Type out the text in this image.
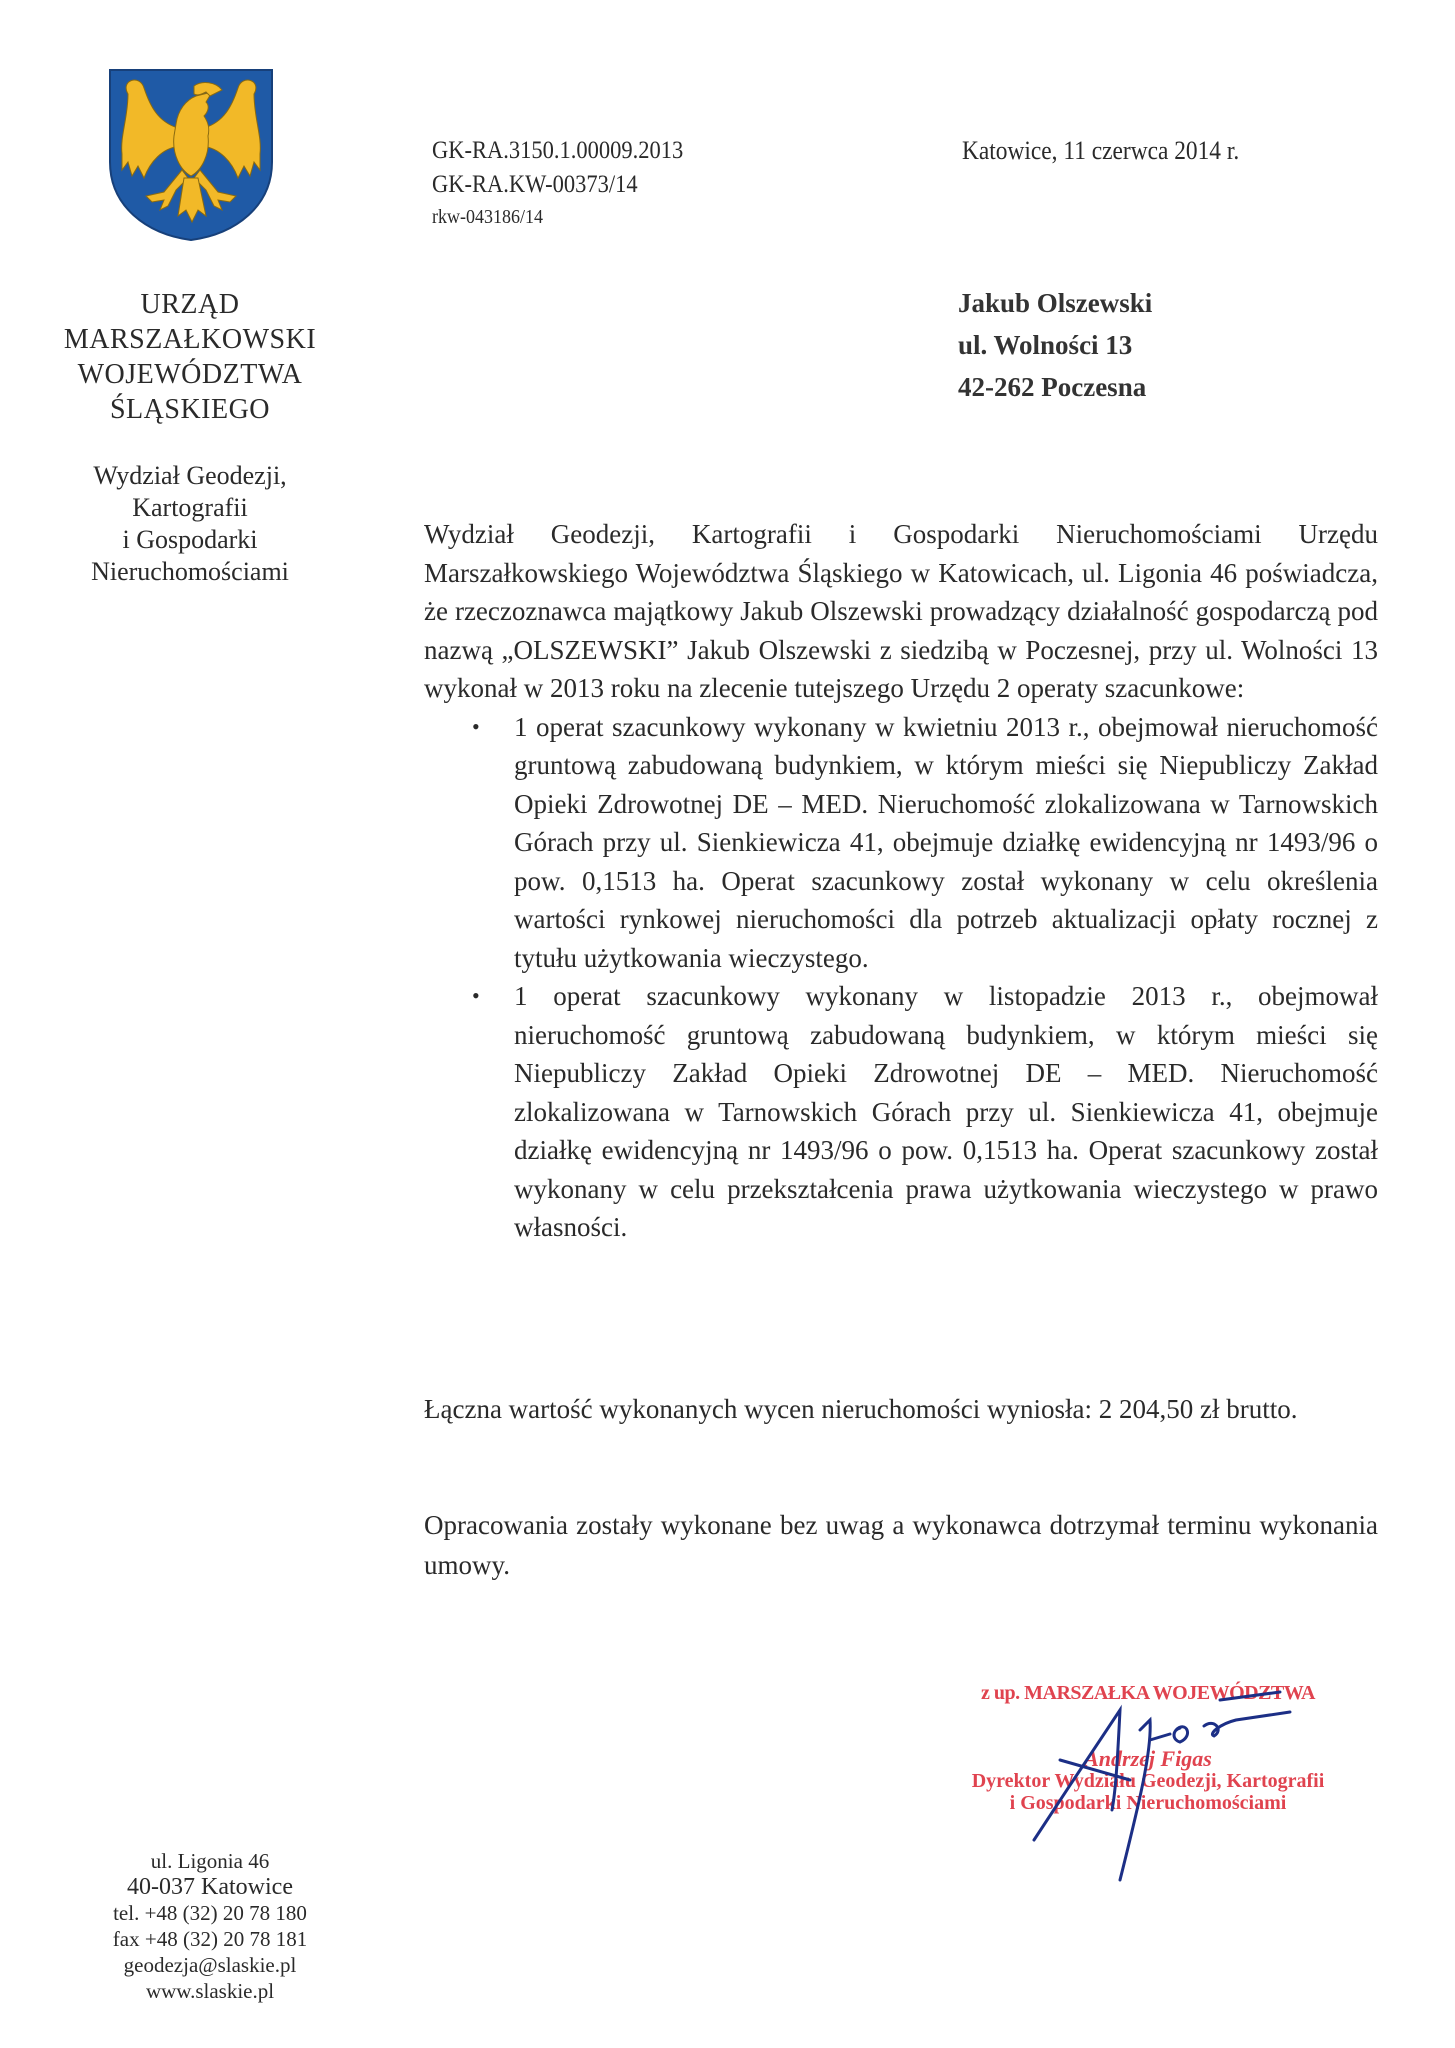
GK-RA.3150.1.00009.2013
GK-RA.KW-00373/14
rkw-043186/14
Katowice, 11 czerwca 2014 r.
URZĄD
MARSZAŁKOWSKI
WOJEWÓDZTWA
ŚLĄSKIEGO
Wydział Geodezji,
Kartografii
i Gospodarki
Nieruchomościami
Jakub Olszewski
ul. Wolności 13
42-262 Poczesna

Wydział Geodezji, Kartografii i Gospodarki Nieruchomościami Urzędu Marszałkowskiego Województwa Śląskiego w Katowicach, ul. Ligonia 46 poświadcza, że rzeczoznawca majątkowy Jakub Olszewski prowadzący działalność gospodarczą pod nazwą „OLSZEWSKI” Jakub Olszewski z siedzibą w Poczesnej, przy ul. Wolności 13 wykonał w 2013 roku na zlecenie tutejszego Urzędu 2 operaty szacunkowe:

• 1 operat szacunkowy wykonany w kwietniu 2013 r., obejmował nieruchomość gruntową zabudowaną budynkiem, w którym mieści się Niepubliczy Zakład Opieki Zdrowotnej DE – MED. Nieruchomość zlokalizowana w Tarnowskich Górach przy ul. Sienkiewicza 41, obejmuje działkę ewidencyjną nr 1493/96 o pow. 0,1513 ha. Operat szacunkowy został wykonany w celu określenia wartości rynkowej nieruchomości dla potrzeb aktualizacji opłaty rocznej z tytułu użytkowania wieczystego.
• 1 operat szacunkowy wykonany w listopadzie 2013 r., obejmował nieruchomość gruntową zabudowaną budynkiem, w którym mieści się Niepubliczy Zakład Opieki Zdrowotnej DE – MED. Nieruchomość zlokalizowana w Tarnowskich Górach przy ul. Sienkiewicza 41, obejmuje działkę ewidencyjną nr 1493/96 o pow. 0,1513 ha. Operat szacunkowy został wykonany w celu przekształcenia prawa użytkowania wieczystego w prawo własności.
Łączna wartość wykonanych wycen nieruchomości wyniosła: 2 204,50 zł brutto.
Opracowania zostały wykonane bez uwag a wykonawca dotrzymał terminu wykonania umowy.
z up. MARSZAŁKA WOJEWÓDZTWA
Andrzej Figas
Dyrektor Wydziału Geodezji, Kartografii
i Gospodarki Nieruchomościami
ul. Ligonia 46
40-037 Katowice
tel. +48 (32) 20 78 180
fax +48 (32) 20 78 181
geodezja@slaskie.pl
www.slaskie.pl
